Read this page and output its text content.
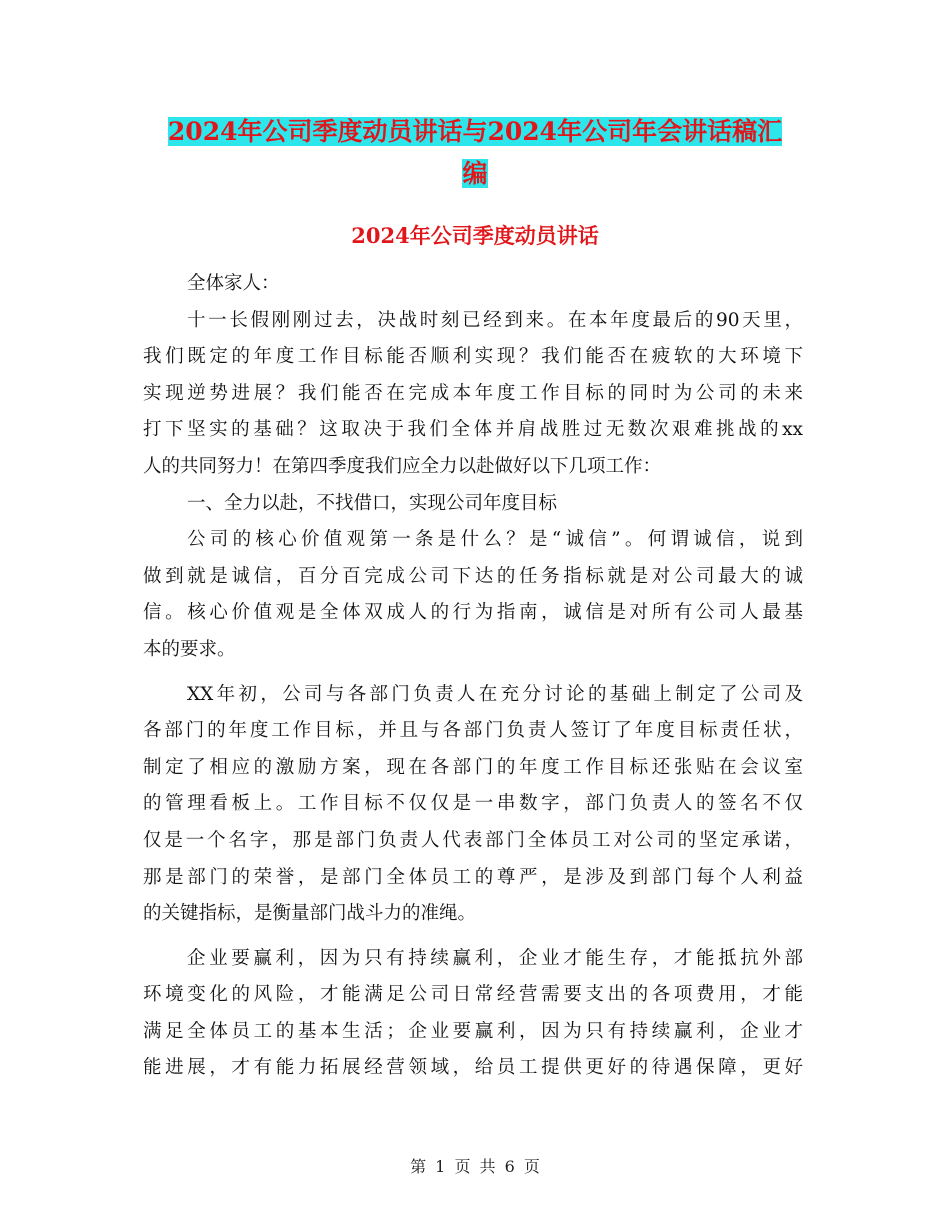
2024年公司季度动员讲话与2024年公司年会讲话稿汇
编
2024年公司季度动员讲话
全体家人：
十一长假刚刚过去，决战时刻已经到来。在本年度最后的90天里，
我们既定的年度工作目标能否顺利实现？我们能否在疲软的大环境下
实现逆势进展？我们能否在完成本年度工作目标的同时为公司的未来
打下坚实的基础？这取决于我们全体并肩战胜过无数次艰难挑战的xx
人的共同努力！在第四季度我们应全力以赴做好以下几项工作：
一、全力以赴，不找借口，实现公司年度目标
公司的核心价值观第一条是什么？是“诚信”。何谓诚信，说到
做到就是诚信，百分百完成公司下达的任务指标就是对公司最大的诚
信。核心价值观是全体双成人的行为指南，诚信是对所有公司人最基
本的要求。
XX年初，公司与各部门负责人在充分讨论的基础上制定了公司及
各部门的年度工作目标，并且与各部门负责人签订了年度目标责任状，
制定了相应的激励方案，现在各部门的年度工作目标还张贴在会议室
的管理看板上。工作目标不仅仅是一串数字，部门负责人的签名不仅
仅是一个名字，那是部门负责人代表部门全体员工对公司的坚定承诺，
那是部门的荣誉，是部门全体员工的尊严，是涉及到部门每个人利益
的关键指标，是衡量部门战斗力的准绳。
企业要赢利，因为只有持续赢利，企业才能生存，才能抵抗外部
环境变化的风险，才能满足公司日常经营需要支出的各项费用，才能
满足全体员工的基本生活；企业要赢利，因为只有持续赢利，企业才
能进展，才有能力拓展经营领域，给员工提供更好的待遇保障，更好
第 1 页 共 6 页
